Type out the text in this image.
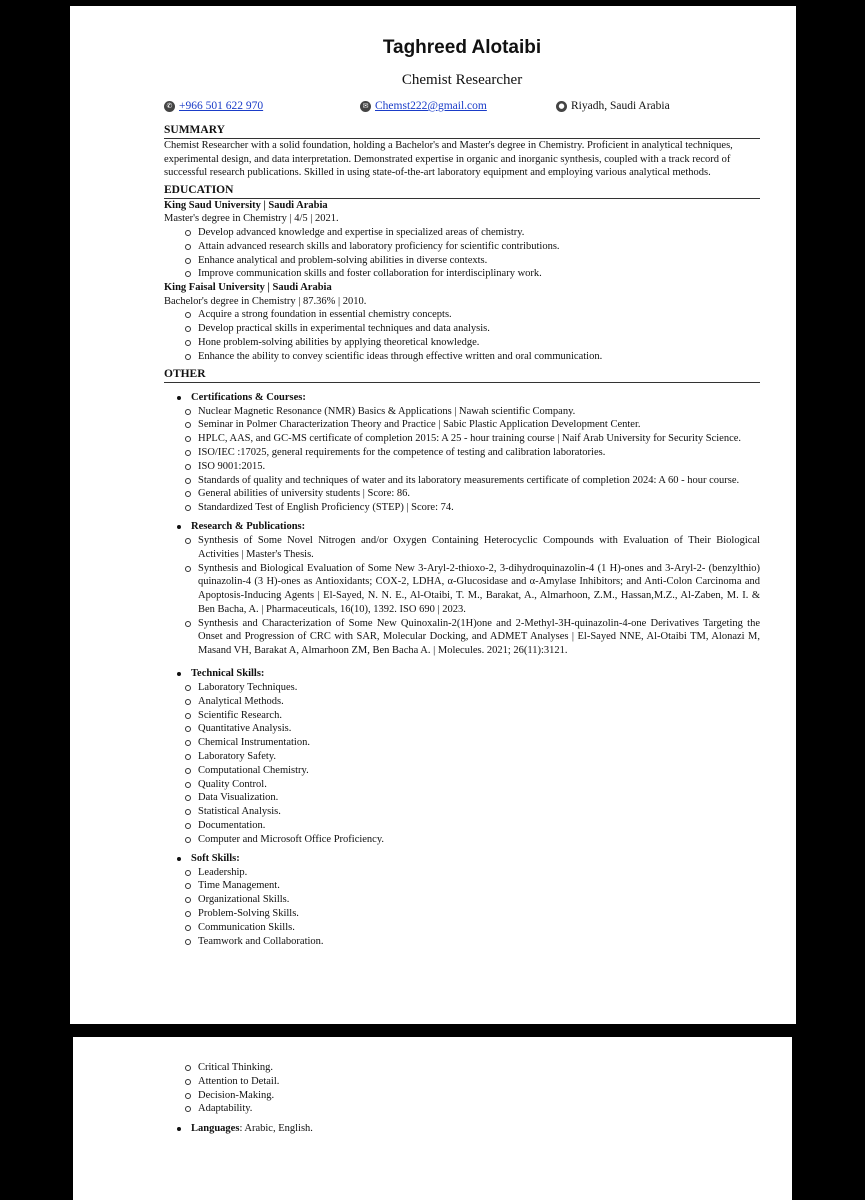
Taghreed Alotaibi
Chemist Researcher
✆ +966 501 622 970	✉ Chemst222@gmail.com	● Riyadh, Saudi Arabia
SUMMARY
Chemist Researcher with a solid foundation, holding a Bachelor's and Master's degree in Chemistry. Proficient in analytical techniques, experimental design, and data interpretation. Demonstrated expertise in organic and inorganic synthesis, coupled with a track record of successful research publications. Skilled in using state-of-the-art laboratory equipment and employing various analytical methods.
EDUCATION
King Saud University | Saudi Arabia
Master's degree in Chemistry | 4/5 | 2021.
Develop advanced knowledge and expertise in specialized areas of chemistry.
Attain advanced research skills and laboratory proficiency for scientific contributions.
Enhance analytical and problem-solving abilities in diverse contexts.
Improve communication skills and foster collaboration for interdisciplinary work.
King Faisal University | Saudi Arabia
Bachelor's degree in Chemistry | 87.36% | 2010.
Acquire a strong foundation in essential chemistry concepts.
Develop practical skills in experimental techniques and data analysis.
Hone problem-solving abilities by applying theoretical knowledge.
Enhance the ability to convey scientific ideas through effective written and oral communication.
OTHER
Certifications & Courses:
Nuclear Magnetic Resonance (NMR) Basics & Applications | Nawah scientific Company.
Seminar in Polmer Characterization Theory and Practice | Sabic Plastic Application Development Center.
HPLC, AAS, and GC-MS certificate of completion 2015: A 25 - hour training course | Naif Arab University for Security Science.
ISO/IEC :17025, general requirements for the competence of testing and calibration laboratories.
ISO 9001:2015.
Standards of quality and techniques of water and its laboratory measurements certificate of completion 2024: A 60 - hour course.
General abilities of university students | Score: 86.
Standardized Test of English Proficiency (STEP) | Score: 74.
Research & Publications:
Synthesis of Some Novel Nitrogen and/or Oxygen Containing Heterocyclic Compounds with Evaluation of Their Biological Activities | Master's Thesis.
Synthesis and Biological Evaluation of Some New 3-Aryl-2-thioxo-2, 3-dihydroquinazolin-4 (1 H)-ones and 3-Aryl-2- (benzylthio) quinazolin-4 (3 H)-ones as Antioxidants; COX-2, LDHA, α-Glucosidase and α-Amylase Inhibitors; and Anti-Colon Carcinoma and Apoptosis-Inducing Agents | El-Sayed, N. N. E., Al-Otaibi, T. M., Barakat, A., Almarhoon, Z.M., Hassan,M.Z., Al-Zaben, M. I. & Ben Bacha, A. | Pharmaceuticals, 16(10), 1392. ISO 690 | 2023.
Synthesis and Characterization of Some New Quinoxalin-2(1H)one and 2-Methyl-3H-quinazolin-4-one Derivatives Targeting the Onset and Progression of CRC with SAR, Molecular Docking, and ADMET Analyses | El-Sayed NNE, Al-Otaibi TM, Alonazi M, Masand VH, Barakat A, Almarhoon ZM, Ben Bacha A. | Molecules. 2021; 26(11):3121.
Technical Skills:
Laboratory Techniques.
Analytical Methods.
Scientific Research.
Quantitative Analysis.
Chemical Instrumentation.
Laboratory Safety.
Computational Chemistry.
Quality Control.
Data Visualization.
Statistical Analysis.
Documentation.
Computer and Microsoft Office Proficiency.
Soft Skills:
Leadership.
Time Management.
Organizational Skills.
Problem-Solving Skills.
Communication Skills.
Teamwork and Collaboration.
Critical Thinking.
Attention to Detail.
Decision-Making.
Adaptability.
Languages: Arabic, English.
